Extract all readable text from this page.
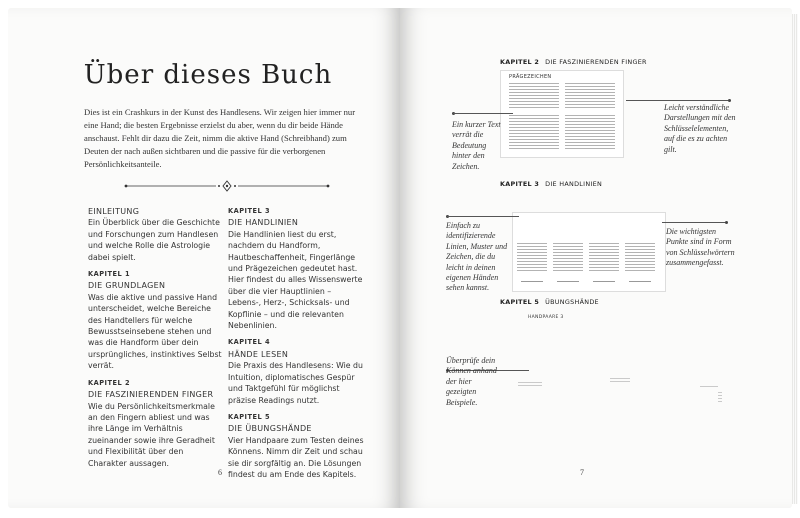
Über dieses Buch
Dies ist ein Crashkurs in der Kunst des Handlesens. Wir zeigen hier immer nur eine Hand; die besten Ergebnisse erzielst du aber, wenn du dir beide Hände anschaust. Fehlt dir dazu die Zeit, nimm die aktive Hand (Schreibhand) zum Deuten der nach außen sichtbaren und die passive für die verborgenen Persönlichkeitsanteile.
EINLEITUNG
Ein Überblick über die Geschichte und Forschungen zum Handlesen und welche Rolle die Astrologie dabei spielt.
KAPITEL 1
DIE GRUNDLAGEN
Was die aktive und passive Hand unterscheidet, welche Bereiche des Handtellers für welche Bewusstseinsebene stehen und was die Handform über dein ursprüngliches, instinktives Selbst verrät.
KAPITEL 2
DIE FASZINIERENDEN FINGER
Wie du Persönlichkeitsmerkmale an den Fingern abliest und was ihre Länge im Verhältnis zueinander sowie ihre Geradheit und Flexibilität über den Charakter aussagen.
KAPITEL 3
DIE HANDLINIEN
Die Handlinien liest du erst, nachdem du Handform, Hautbeschaffenheit, Fingerlänge und Prägezeichen gedeutet hast. Hier findest du alles Wissenswerte über die vier Hauptlinien – Lebens-, Herz-, Schicksals- und Kopflinie – und die relevanten Nebenlinien.
KAPITEL 4
HÄNDE LESEN
Die Praxis des Handlesens: Wie du Intuition, diplomatisches Gespür und Taktgefühl für möglichst präzise Readings nutzt.
KAPITEL 5
DIE ÜBUNGSHÄNDE
Vier Handpaare zum Testen deines Könnens. Nimm dir Zeit und schau sie dir sorgfältig an. Die Lösungen findest du am Ende des Kapitels.
6
KAPITEL 2 DIE FASZINIERENDEN FINGER
PRÄGEZEICHEN
Ein kurzer Text verrät die Bedeutung hinter den Zeichen.
Leicht verständliche Darstellungen mit den Schlüsselelementen, auf die es zu achten gilt.
KAPITEL 3 DIE HANDLINIEN
Einfach zu identifizierende Linien, Muster und Zeichen, die du leicht in deinen eigenen Händen sehen kannst.
Die wichtigsten Punkte sind in Form von Schlüsselwörtern zusammengefasst.
KAPITEL 5 ÜBUNGSHÄNDE
HANDPAARE 3
Überprüfe dein Können anhand der hier gezeigten Beispiele.
7
